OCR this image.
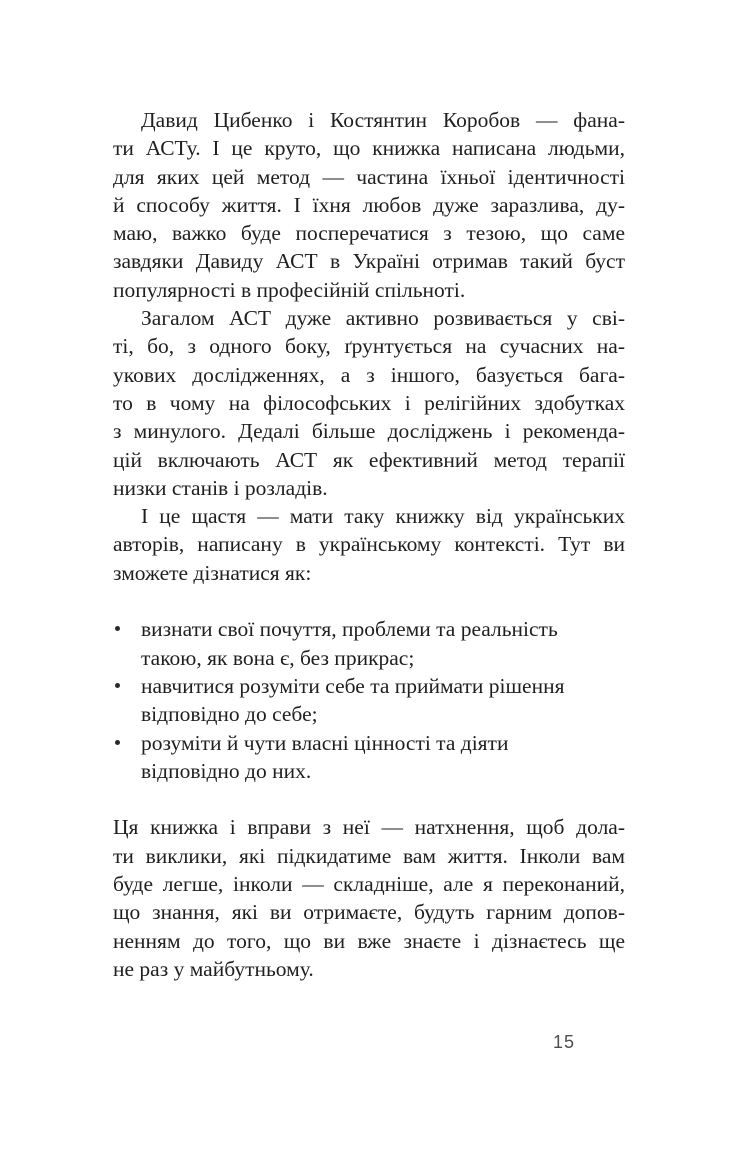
Давид Цибенко і Костянтин Коробов — фана-
ти АСТу. І це круто, що книжка написана людьми,
для яких цей метод — частина їхньої ідентичності
й способу життя. І їхня любов дуже заразлива, ду-
маю, важко буде посперечатися з тезою, що саме
завдяки Давиду АСТ в Україні отримав такий буст
популярності в професійній спільноті.
Загалом АСТ дуже активно розвивається у сві-
ті, бо, з одного боку, ґрунтується на сучасних на-
укових дослідженнях, а з іншого, базується бага-
то в чому на філософських і релігійних здобутках
з минулого. Дедалі більше досліджень і рекоменда-
цій включають АСТ як ефективний метод терапії
низки станів і розладів.
І це щастя — мати таку книжку від українських
авторів, написану в українському контексті. Тут ви
зможете дізнатися як:
визнати свої почуття, проблеми та реальність
такою, як вона є, без прикрас;
навчитися розуміти себе та приймати рішення
відповідно до себе;
розуміти й чути власні цінності та діяти
відповідно до них.
Ця книжка і вправи з неї — натхнення, щоб дола-
ти виклики, які підкидатиме вам життя. Інколи вам
буде легше, інколи — складніше, але я переконаний,
що знання, які ви отримаєте, будуть гарним допов-
ненням до того, що ви вже знаєте і дізнаєтесь ще
не раз у майбутньому.
15
